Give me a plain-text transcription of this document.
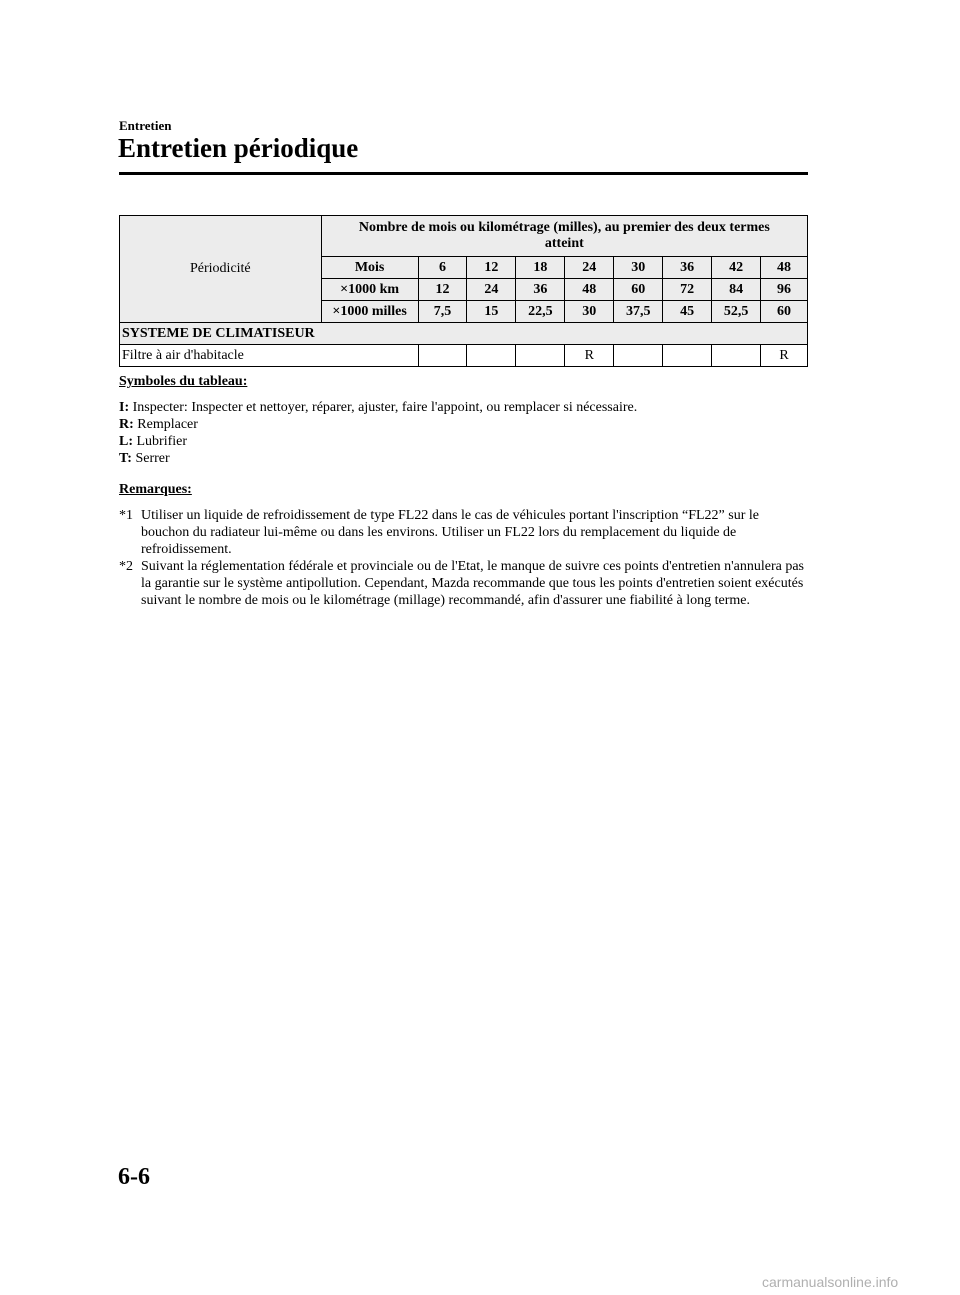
Entretien
Entretien périodique
Périodicité	Nombre de mois ou kilométrage (milles), au premier des deux termes atteint								
	Mois	6	12	18	24	30	36	42	48
	×1000 km	12	24	36	48	60	72	84	96
	×1000 milles	7,5	15	22,5	30	37,5	45	52,5	60
SYSTEME DE CLIMATISEUR									
Filtre à air d'habitacle					R				R
Symboles du tableau:
I: Inspecter: Inspecter et nettoyer, réparer, ajuster, faire l'appoint, ou remplacer si nécessaire.
R: Remplacer
L: Lubrifier
T: Serrer
Remarques:
*1 Utiliser un liquide de refroidissement de type FL22 dans le cas de véhicules portant l'inscription “FL22” sur le bouchon du radiateur lui-même ou dans les environs. Utiliser un FL22 lors du remplacement du liquide de refroidissement.
*2 Suivant la réglementation fédérale et provinciale ou de l'Etat, le manque de suivre ces points d'entretien n'annulera pas la garantie sur le système antipollution. Cependant, Mazda recommande que tous les points d'entretien soient exécutés suivant le nombre de mois ou le kilométrage (millage) recommandé, afin d'assurer une fiabilité à long terme.
6-6
carmanualsonline.info
